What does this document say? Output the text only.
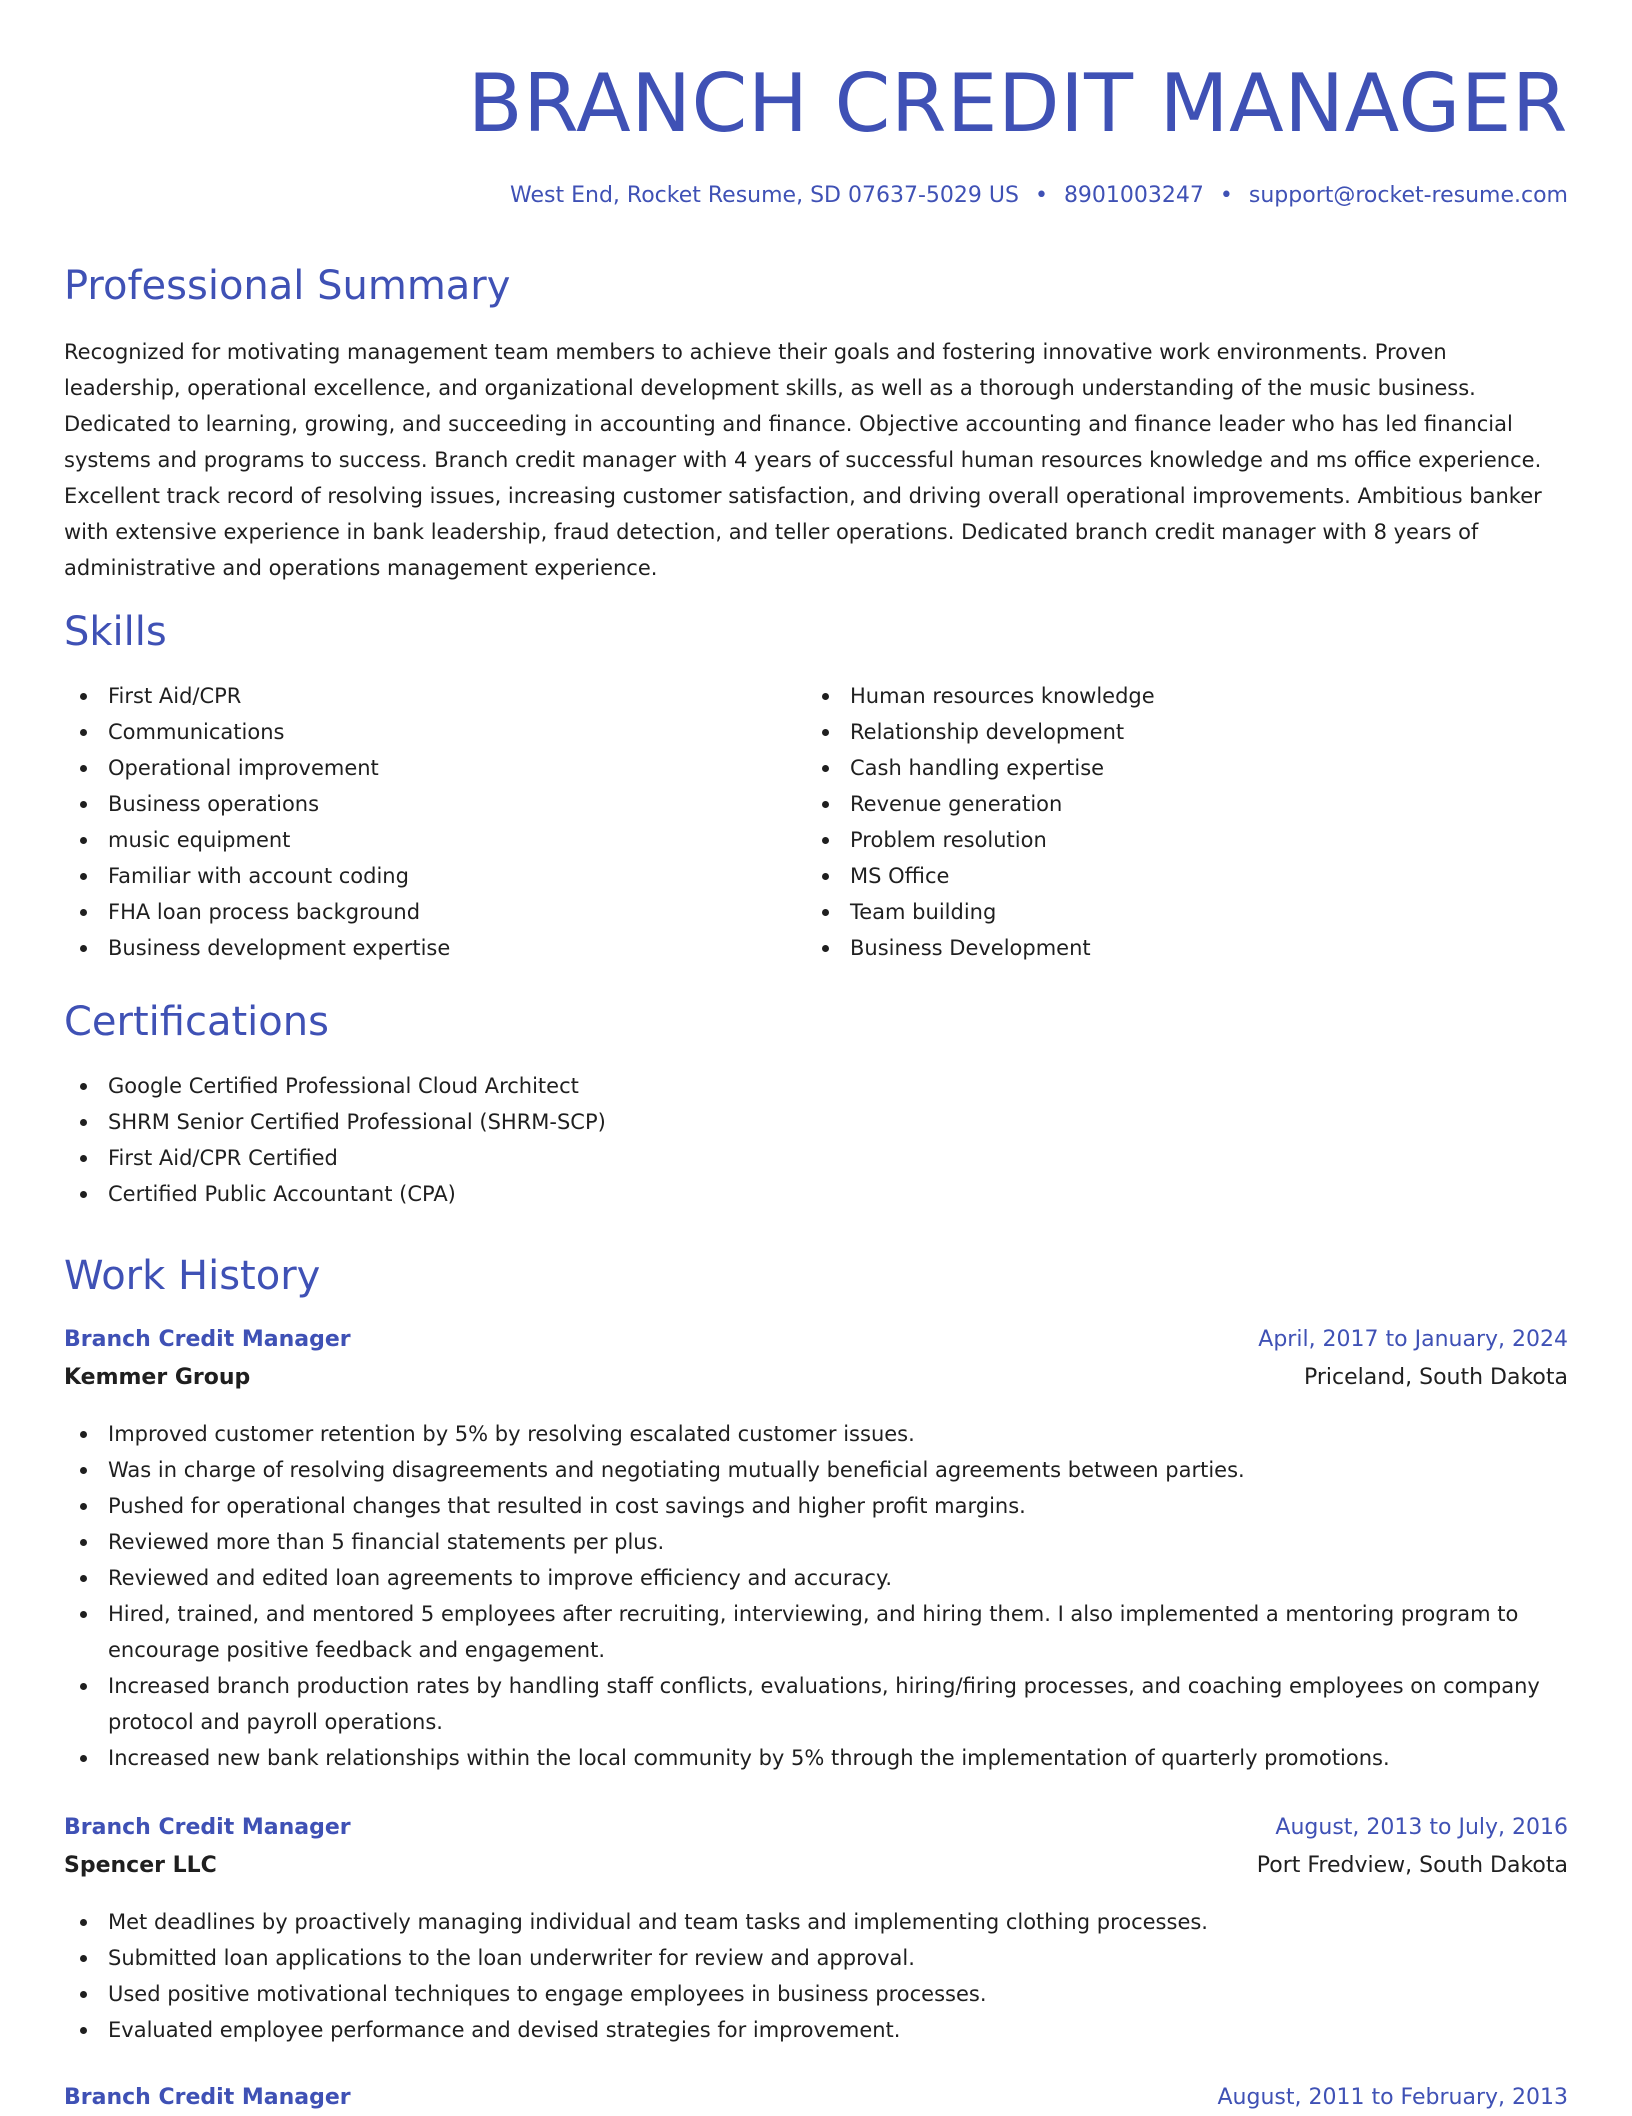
BRANCH CREDIT MANAGER
West End, Rocket Resume, SD 07637-5029 US • 8901003247 • support@rocket-resume.com
Professional Summary

Recognized for motivating management team members to achieve their goals and fostering innovative work environments. Proven leadership, operational excellence, and organizational development skills, as well as a thorough understanding of the music business. Dedicated to learning, growing, and succeeding in accounting and finance. Objective accounting and finance leader who has led financial systems and programs to success. Branch credit manager with 4 years of successful human resources knowledge and ms office experience. Excellent track record of resolving issues, increasing customer satisfaction, and driving overall operational improvements. Ambitious banker with extensive experience in bank leadership, fraud detection, and teller operations. Dedicated branch credit manager with 8 years of administrative and operations management experience.

Skills
First Aid/CPR
Communications
Operational improvement
Business operations
music equipment
Familiar with account coding
FHA loan process background
Business development expertise
Human resources knowledge
Relationship development
Cash handling expertise
Revenue generation
Problem resolution
MS Office
Team building
Business Development
Certifications
Google Certified Professional Cloud Architect
SHRM Senior Certified Professional (SHRM-SCP)
First Aid/CPR Certified
Certified Public Accountant (CPA)
Work History
Branch Credit Manager	April, 2017 to January, 2024
Kemmer Group	Priceland, South Dakota
Improved customer retention by 5% by resolving escalated customer issues.
Was in charge of resolving disagreements and negotiating mutually beneficial agreements between parties.
Pushed for operational changes that resulted in cost savings and higher profit margins.
Reviewed more than 5 financial statements per plus.
Reviewed and edited loan agreements to improve efficiency and accuracy.
Hired, trained, and mentored 5 employees after recruiting, interviewing, and hiring them. I also implemented a mentoring program to encourage positive feedback and engagement.
Increased branch production rates by handling staff conflicts, evaluations, hiring/firing processes, and coaching employees on company protocol and payroll operations.
Increased new bank relationships within the local community by 5% through the implementation of quarterly promotions.
Branch Credit Manager	August, 2013 to July, 2016
Spencer LLC	Port Fredview, South Dakota
Met deadlines by proactively managing individual and team tasks and implementing clothing processes.
Submitted loan applications to the loan underwriter for review and approval.
Used positive motivational techniques to engage employees in business processes.
Evaluated employee performance and devised strategies for improvement.
Branch Credit Manager	August, 2011 to February, 2013
